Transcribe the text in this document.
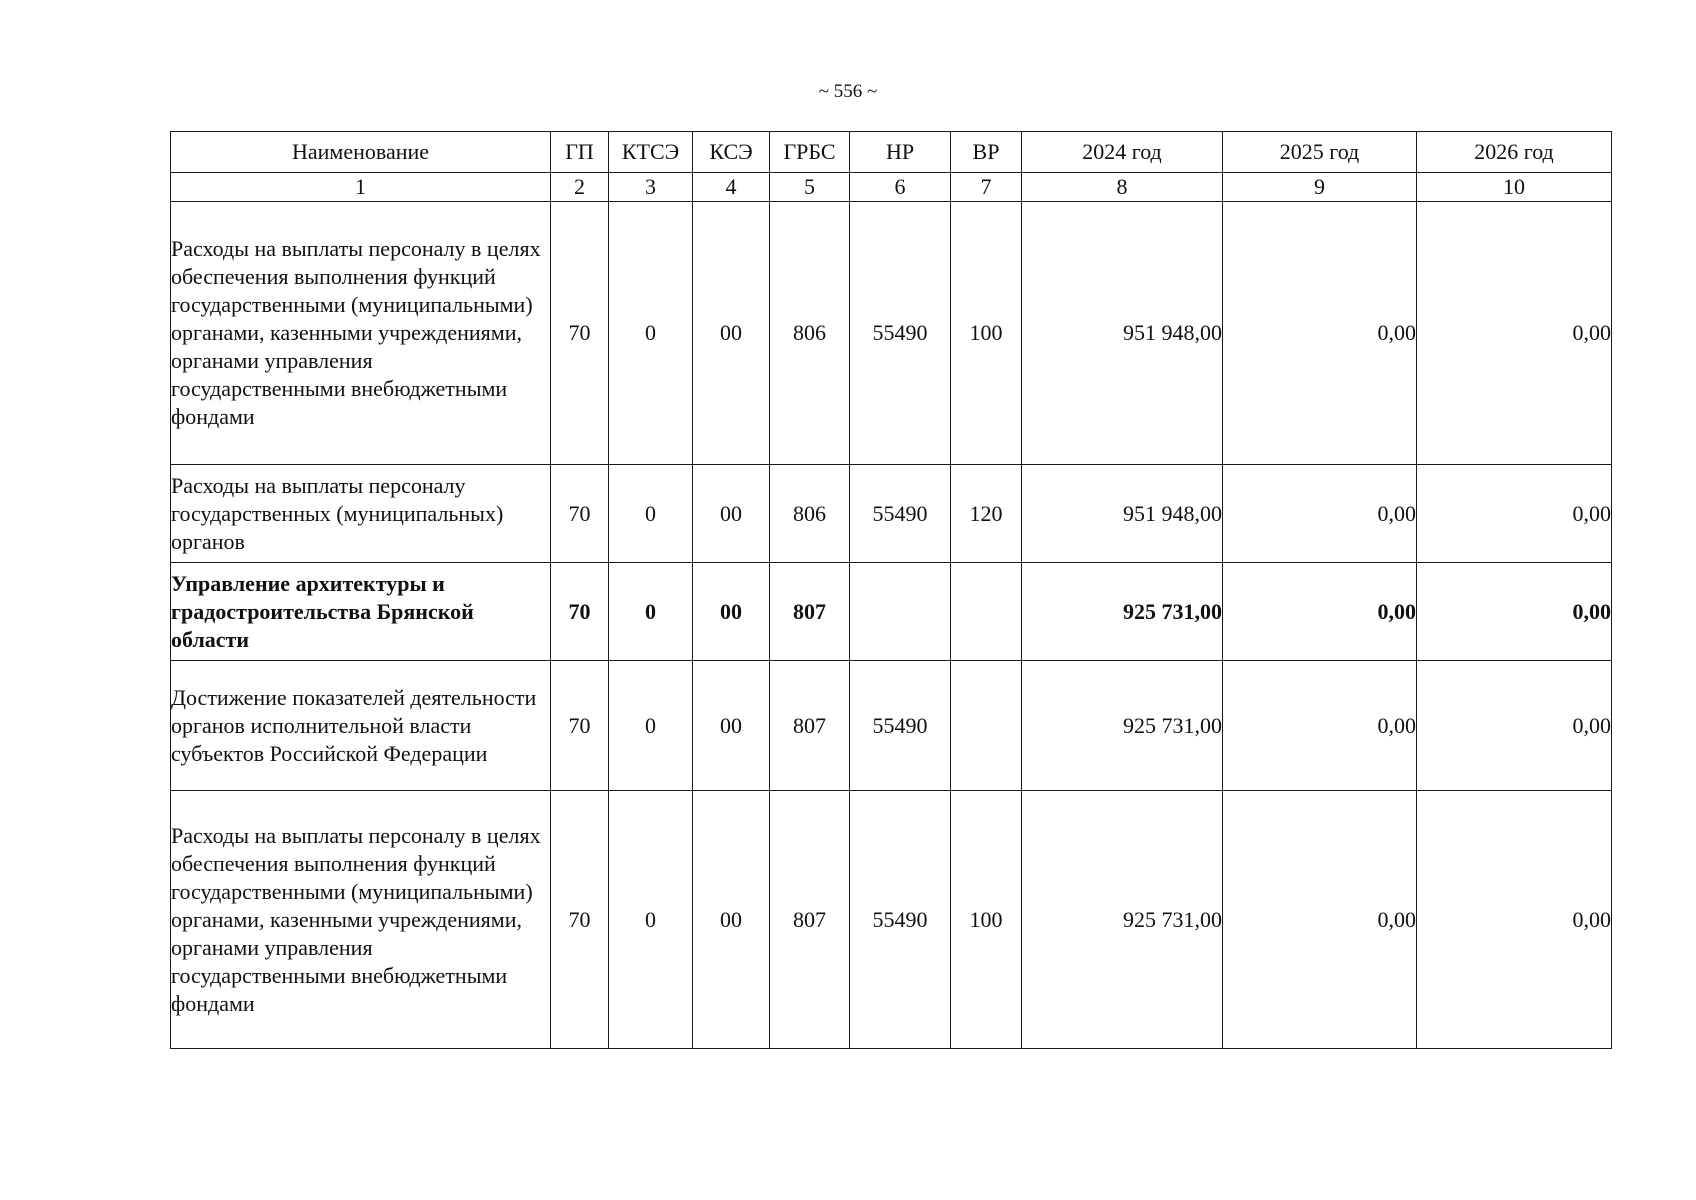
~ 556 ~
Наименование	ГП	КТСЭ	КСЭ	ГРБС	НР	ВР	2024 год	2025 год	2026 год
1	2	3	4	5	6	7	8	9	10
Расходы на выплаты персоналу в целях обеспечения выполнения функций государственными (муниципальными) органами, казенными учреждениями, органами управления государственными внебюджетными фондами	70	0	00	806	55490	100	951 948,00	0,00	0,00
Расходы на выплаты персоналу государственных (муниципальных) органов	70	0	00	806	55490	120	951 948,00	0,00	0,00
Управление архитектуры и градостроительства Брянской области	70	0	00	807			925 731,00	0,00	0,00
Достижение показателей деятельности органов исполнительной власти субъектов Российской Федерации	70	0	00	807	55490		925 731,00	0,00	0,00
Расходы на выплаты персоналу в целях обеспечения выполнения функций государственными (муниципальными) органами, казенными учреждениями, органами управления государственными внебюджетными фондами	70	0	00	807	55490	100	925 731,00	0,00	0,00
